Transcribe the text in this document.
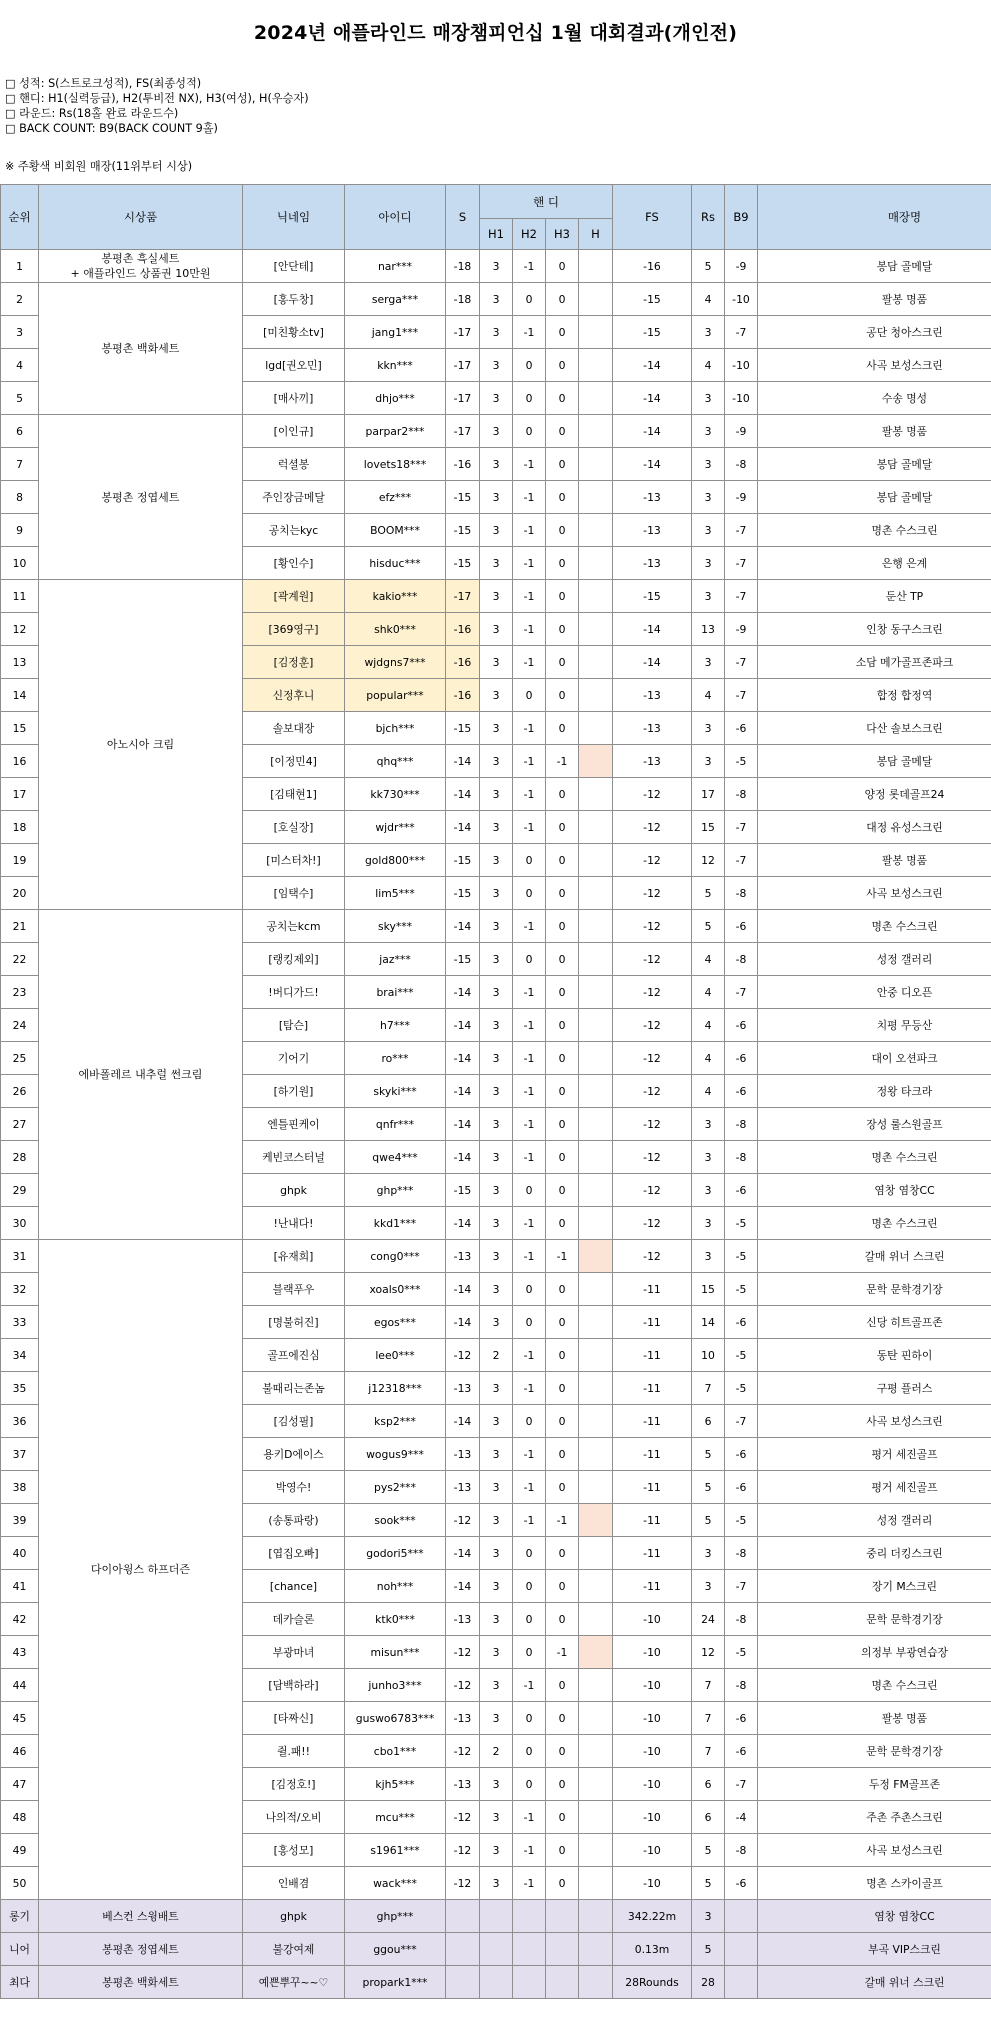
2024년 애플라인드 매장챔피언십 1월 대회결과(개인전)
□ 성적: S(스트로크성적), FS(최종성적)
□ 핸디: H1(실력등급), H2(투비전 NX), H3(여성), H(우승자)
□ 라운드: Rs(18홀 완료 라운드수)
□ BACK COUNT: B9(BACK COUNT 9홀)
※ 주황색 비회원 매장(11위부터 시상)
순위	시상품	닉네임	아이디	S	핸 디				FS	Rs	B9	매장명
					H1	H2	H3	H				
1	봉평촌 흑실세트
+ 애플라인드 상품권 10만원	[안단테]	nar***	-18	3	-1	0		-16	5	-9	봉담 골메달
2	봉평촌 백화세트	[홍두창]	serga***	-18	3	0	0		-15	4	-10	팔봉 명품
3		[미친황소tv]	jang1***	-17	3	-1	0		-15	3	-7	공단 청아스크린
4		lgd[권오민]	kkn***	-17	3	0	0		-14	4	-10	사곡 보성스크린
5		[매사끼]	dhjo***	-17	3	0	0		-14	3	-10	수송 명성
6	봉평촌 정엽세트	[이인규]	parpar2***	-17	3	0	0		-14	3	-9	팔봉 명품
7		럭셜봉	lovets18***	-16	3	-1	0		-14	3	-8	봉담 골메달
8		주인장금메달	efz***	-15	3	-1	0		-13	3	-9	봉담 골메달
9		공치는kyc	BOOM***	-15	3	-1	0		-13	3	-7	명촌 수스크린
10		[황인수]	hisduc***	-15	3	-1	0		-13	3	-7	은행 은계
11	아노시아 크림	[곽계원]	kakio***	-17	3	-1	0		-15	3	-7	둔산 TP
12		[369영구]	shk0***	-16	3	-1	0		-14	13	-9	인창 동구스크린
13		[김정훈]	wjdgns7***	-16	3	-1	0		-14	3	-7	소담 메가골프존파크
14		신정후니	popular***	-16	3	0	0		-13	4	-7	합정 합정역
15		솔보대장	bjch***	-15	3	-1	0		-13	3	-6	다산 솔보스크린
16		[이정민4]	qhq***	-14	3	-1	-1		-13	3	-5	봉담 골메달
17		[김태현1]	kk730***	-14	3	-1	0		-12	17	-8	양정 롯데골프24
18		[호실장]	wjdr***	-14	3	-1	0		-12	15	-7	대정 유성스크린
19		[미스터차!]	gold800***	-15	3	0	0		-12	12	-7	팔봉 명품
20		[임택수]	lim5***	-15	3	0	0		-12	5	-8	사곡 보성스크린
21	에바폴레르 내추럴 썬크림	공치는kcm	sky***	-14	3	-1	0		-12	5	-6	명촌 수스크린
22		[랭킹제외]	jaz***	-15	3	0	0		-12	4	-8	성정 갤러리
23		!버디가드!	brai***	-14	3	-1	0		-12	4	-7	안중 디오픈
24		[탐슨]	h7***	-14	3	-1	0		-12	4	-6	치평 무등산
25		기어기	ro***	-14	3	-1	0		-12	4	-6	대이 오션파크
26		[하기원]	skyki***	-14	3	-1	0		-12	4	-6	정왕 타크라
27		엔틀핀케이	qnfr***	-14	3	-1	0		-12	3	-8	장성 룰스원골프
28		케빈코스터널	qwe4***	-14	3	-1	0		-12	3	-8	명촌 수스크린
29		ghpk	ghp***	-15	3	0	0		-12	3	-6	염창 염창CC
30		!난내다!	kkd1***	-14	3	-1	0		-12	3	-5	명촌 수스크린
31	다이아윙스 하프더즌	[유재희]	cong0***	-13	3	-1	-1		-12	3	-5	갈매 위너 스크린
32		블랙푸우	xoals0***	-14	3	0	0		-11	15	-5	문학 문학경기장
33		[명불허진]	egos***	-14	3	0	0		-11	14	-6	신당 히트골프존
34		골프에진심	lee0***	-12	2	-1	0		-11	10	-5	동탄 핀하이
35		불때리는존놈	j12318***	-13	3	-1	0		-11	7	-5	구평 플러스
36		[김성필]	ksp2***	-14	3	0	0		-11	6	-7	사곡 보성스크린
37		용키D에이스	wogus9***	-13	3	-1	0		-11	5	-6	평거 세진골프
38		박영수!	pys2***	-13	3	-1	0		-11	5	-6	평거 세진골프
39		(송통파랑)	sook***	-12	3	-1	-1		-11	5	-5	성정 갤러리
40		[엽집오빠]	godori5***	-14	3	0	0		-11	3	-8	중리 더킹스크린
41		[chance]	noh***	-14	3	0	0		-11	3	-7	장기 M스크린
42		데카슬론	ktk0***	-13	3	0	0		-10	24	-8	문학 문학경기장
43		부광마녀	misun***	-12	3	0	-1		-10	12	-5	의정부 부광연습장
44		[담백하라]	junho3***	-12	3	-1	0		-10	7	-8	명촌 수스크린
45		[타짜신]	guswo6783***	-13	3	0	0		-10	7	-6	팔봉 명품
46		쥘.패!!	cbo1***	-12	2	0	0		-10	7	-6	문학 문학경기장
47		[김정호!]	kjh5***	-13	3	0	0		-10	6	-7	두정 FM골프존
48		나의적/오비	mcu***	-12	3	-1	0		-10	6	-4	주촌 주촌스크린
49		[홍성모]	s1961***	-12	3	-1	0		-10	5	-8	사곡 보성스크린
50		인배겸	wack***	-12	3	-1	0		-10	5	-6	명촌 스카이골프
롱기	베스컨 스윙배트	ghpk	ghp***						342.22m	3		염창 염창CC
니어	봉평촌 정엽세트	불강여제	ggou***						0.13m	5		부곡 VIP스크린
최다	봉평촌 백화세트	예쁜뿌꾸~~♡	propark1***						28Rounds	28		갈매 위너 스크린
